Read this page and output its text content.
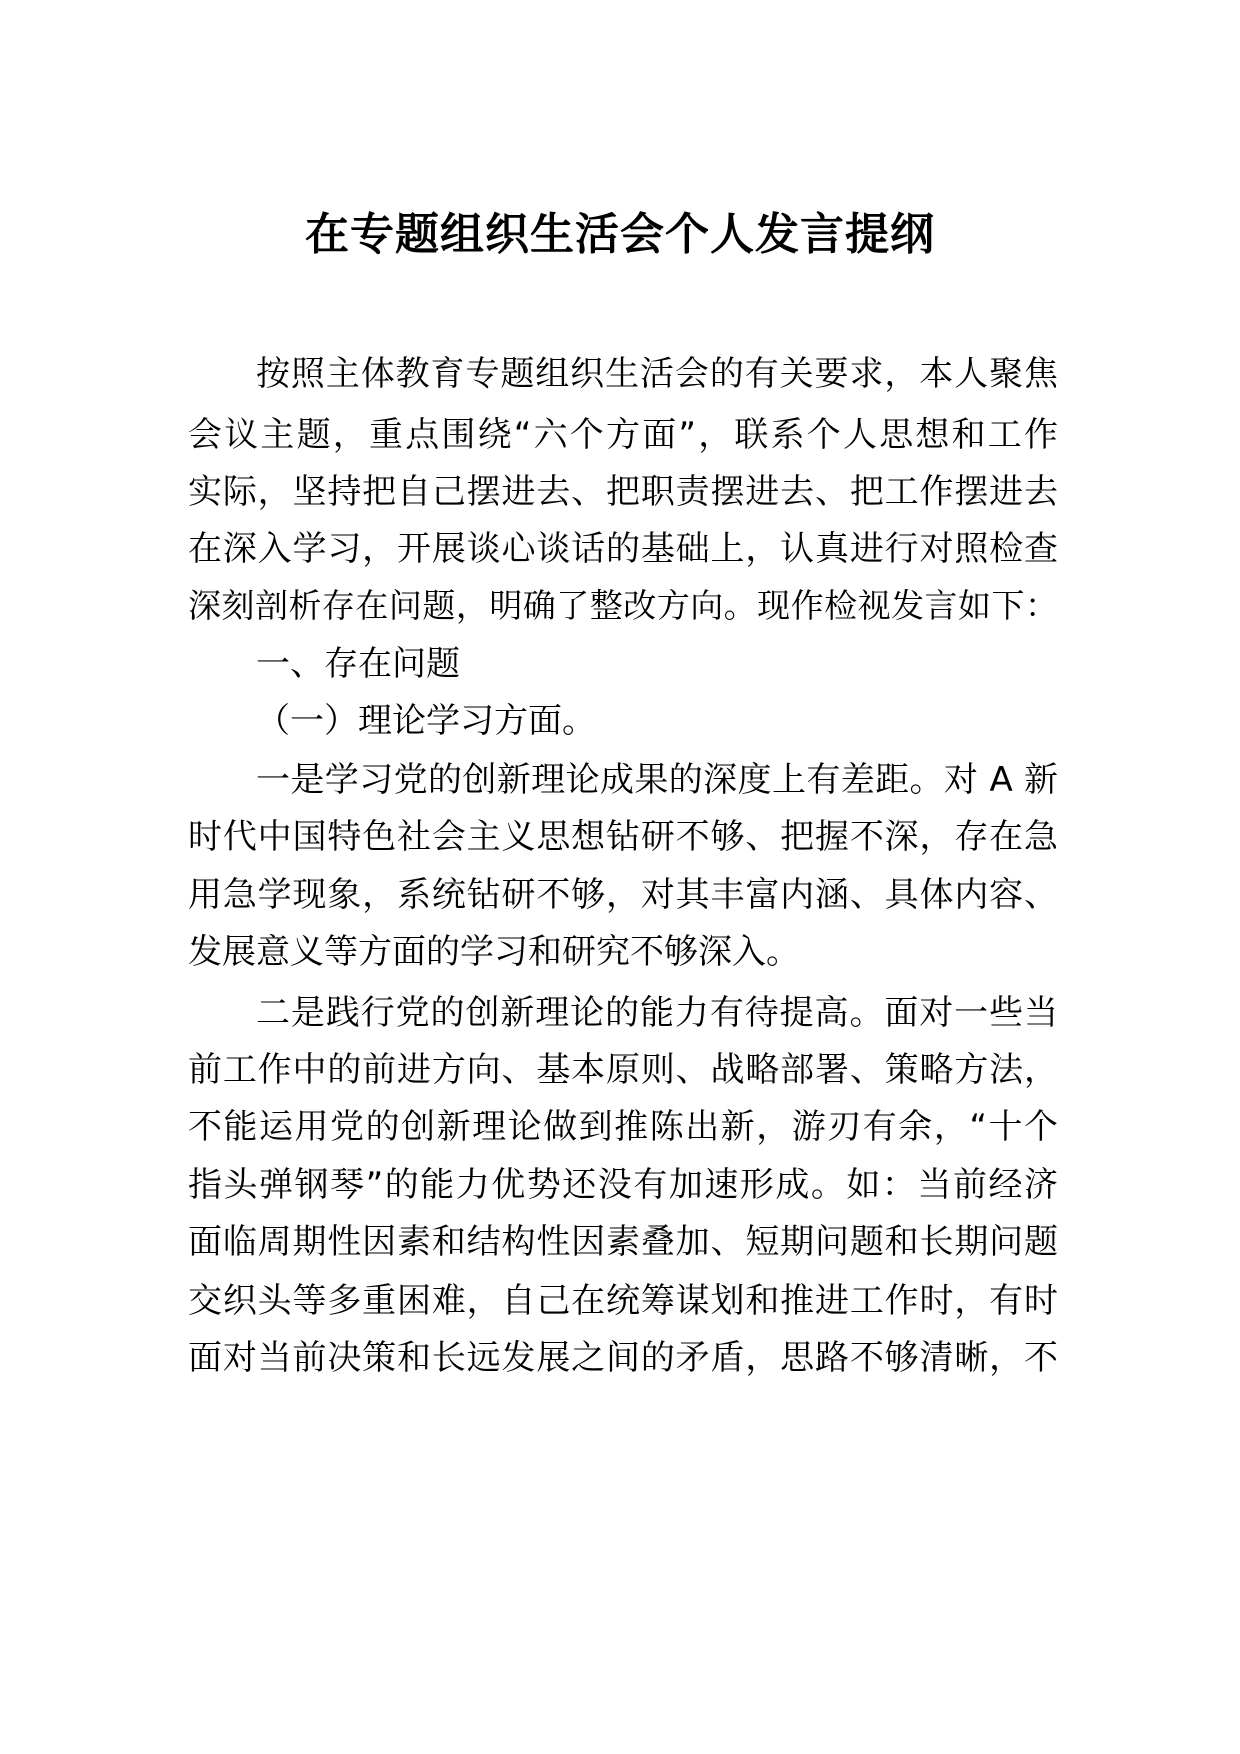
在专题组织生活会个人发言提纲
按照主体教育专题组织生活会的有关要求，本人聚焦
会议主题，重点围绕“六个方面”，联系个人思想和工作
实际，坚持把自己摆进去、把职责摆进去、把工作摆进去
在深入学习，开展谈心谈话的基础上，认真进行对照检查
深刻剖析存在问题，明确了整改方向。现作检视发言如下：
一、存在问题
（一）理论学习方面。
一是学习党的创新理论成果的深度上有差距。对 A 新
时代中国特色社会主义思想钻研不够、把握不深，存在急
用急学现象，系统钻研不够，对其丰富内涵、具体内容、
发展意义等方面的学习和研究不够深入。
二是践行党的创新理论的能力有待提高。面对一些当
前工作中的前进方向、基本原则、战略部署、策略方法，
不能运用党的创新理论做到推陈出新，游刃有余，“十个
指头弹钢琴”的能力优势还没有加速形成。如：当前经济
面临周期性因素和结构性因素叠加、短期问题和长期问题
交织头等多重困难，自己在统筹谋划和推进工作时，有时
面对当前决策和长远发展之间的矛盾，思路不够清晰，不
